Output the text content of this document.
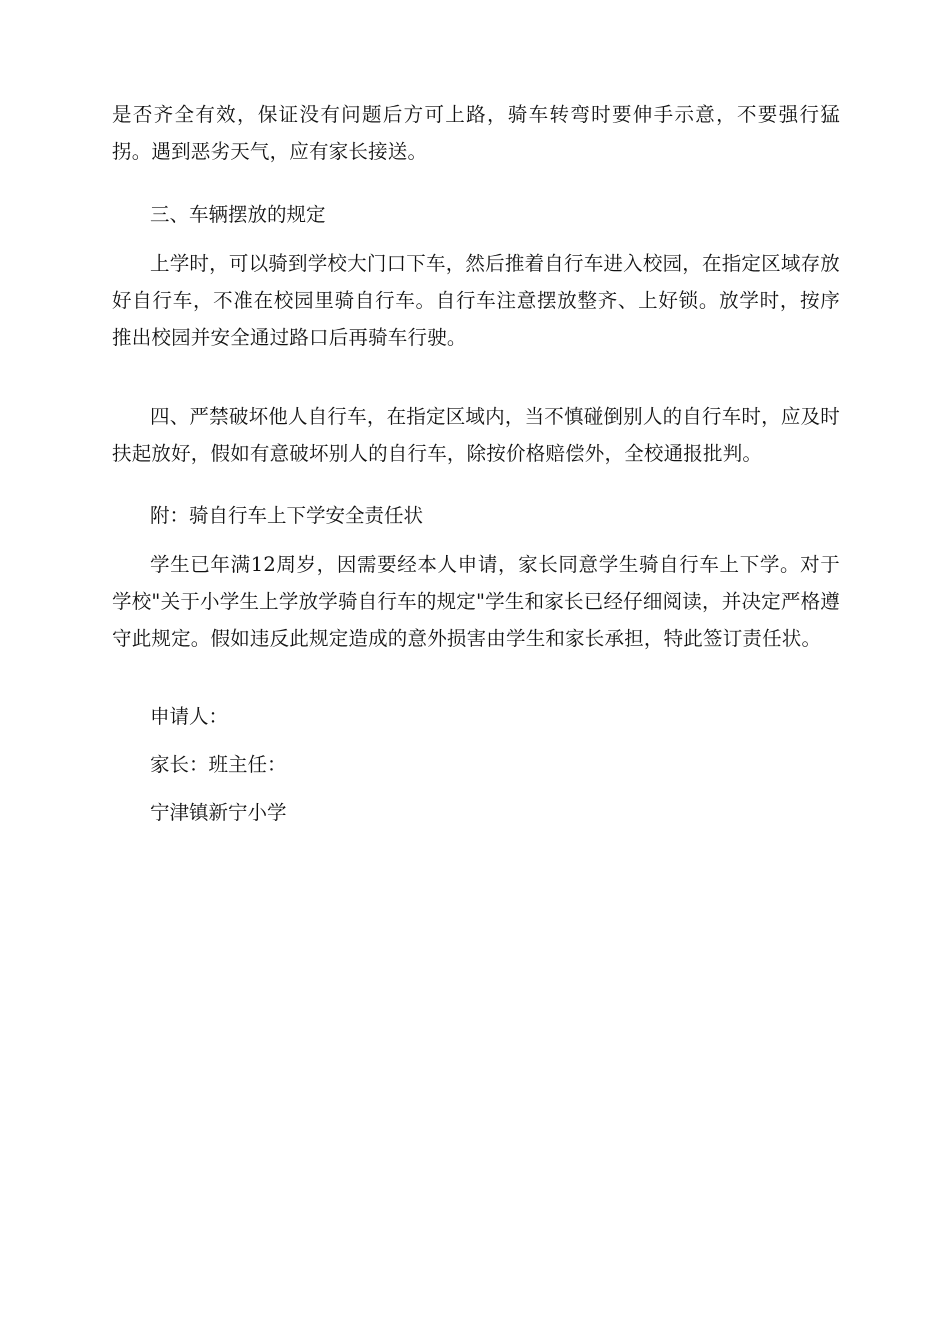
是否齐全有效，保证没有问题后方可上路，骑车转弯时要伸手示意，不要强行猛拐。遇到恶劣天气，应有家长接送。

三、车辆摆放的规定

上学时，可以骑到学校大门口下车，然后推着自行车进入校园，在指定区域存放好自行车，不准在校园里骑自行车。自行车注意摆放整齐、上好锁。放学时，按序推出校园并安全通过路口后再骑车行驶。

四、严禁破坏他人自行车，在指定区域内，当不慎碰倒别人的自行车时，应及时扶起放好，假如有意破坏别人的自行车，除按价格赔偿外，全校通报批判。

附：骑自行车上下学安全责任状

学生已年满12周岁，因需要经本人申请，家长同意学生骑自行车上下学。对于学校"关于小学生上学放学骑自行车的规定"学生和家长已经仔细阅读，并决定严格遵守此规定。假如违反此规定造成的意外损害由学生和家长承担，特此签订责任状。

申请人：
家长：班主任：
宁津镇新宁小学
